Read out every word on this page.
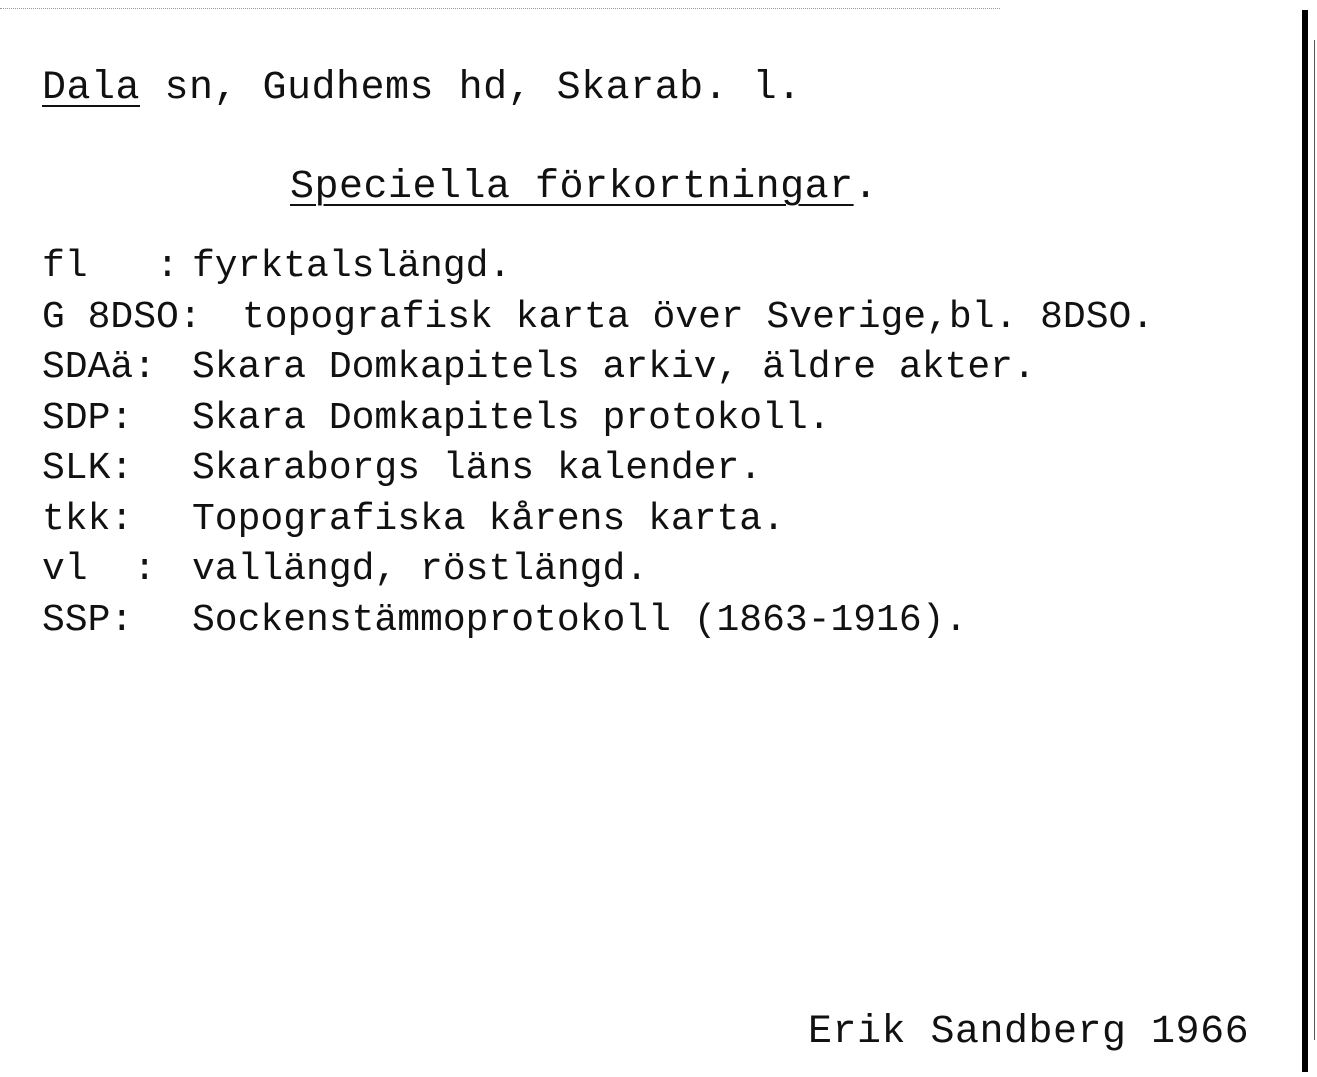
Dala sn, Gudhems hd, Skarab. l.
Speciella förkortningar.

fl   :

fyrktalslängd.

G 8DSO:

topografisk karta över Sverige,bl. 8DSO.

SDAä:

Skara Domkapitels arkiv, äldre akter.

SDP:

Skara Domkapitels protokoll.

SLK:

Skaraborgs läns kalender.

tkk:

Topografiska kårens karta.

vl  :

vallängd, röstlängd.

SSP:

Sockenstämmoprotokoll (1863-1916).

Erik Sandberg 1966
